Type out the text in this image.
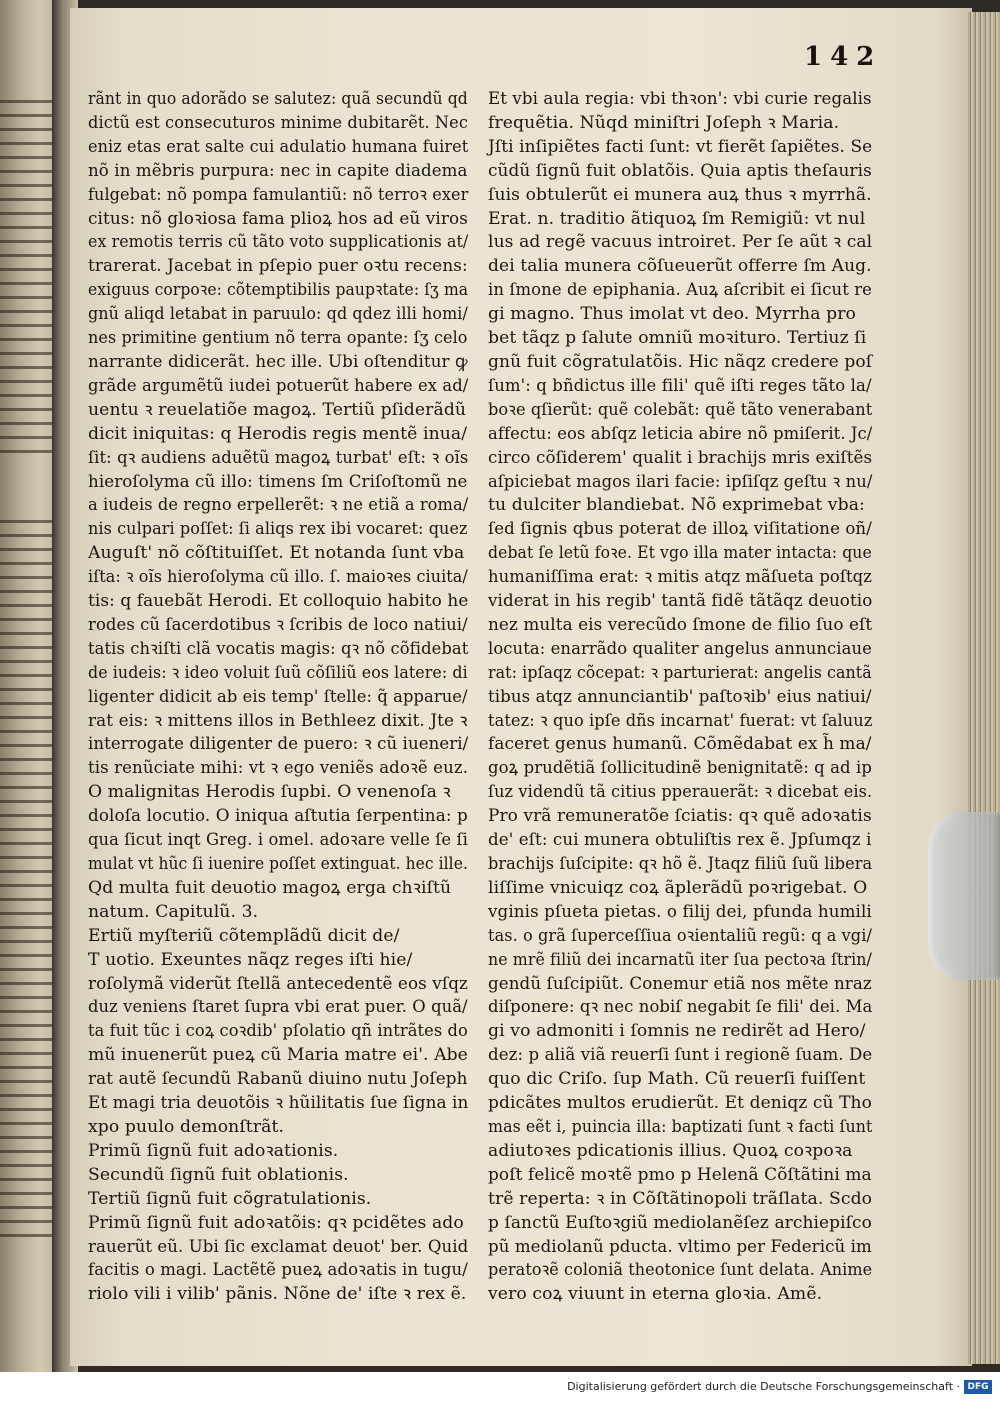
142

rãnt in quo adorãdo se salutez: quã secundũ qd

dictũ est consecuturos minime dubitarẽt. Nec

eniz etas erat salte cui adulatio humana fuiret

nõ in mẽbris purpura: nec in capite diadema

fulgebat: nõ pompa famulantiũ: nõ terroꝛ exer

citus: nõ gloꝛiosa fama plioꝝ hos ad eũ viros

ex remotis terris cũ tãto voto supplicationis at/

trarerat. Jacebat in pſepio puer oꝛtu recens:

exiguus corpoꝛe: cõtemptibilis paupꝛtate: ſʒ ma

gnũ aliqd letabat in paruulo: qd qdez illi homi/

nes primitine gentium nõ terra opante: ſʒ celo

narrante didicerãt. hec ille. Ubi oſtenditur ꝙ

grãde argumẽtũ iudei potuerũt habere ex ad/

uentu ꝛ reuelatiõe magoꝝ. Tertiũ pſiderãdũ

dicit iniquitas: q Herodis regis mentẽ inua/

ſit: qꝛ audiens aduẽtũ magoꝝ turbat' eſt: ꝛ oĩs

hieroſolyma cũ illo: timens ſm Criſoſtomũ ne

a iudeis de regno erpellerẽt: ꝛ ne etiã a roma/

nis culpari poſſet: ſi aliqs rex ibi vocaret: quez

Auguſt' nõ cõſtituiſſet. Et notanda ſunt vba

iſta: ꝛ oĩs hieroſolyma cũ illo. ſ. maioꝛes ciuita/

tis: q fauebãt Herodi. Et colloquio habito he

rodes cũ ſacerdotibus ꝛ ſcribis de loco natiui/

tatis chꝛiſti clã vocatis magis: qꝛ nõ cõfidebat

de iudeis: ꝛ ideo voluit ſuũ cõſiliũ eos latere: di

ligenter didicit ab eis temp' ſtelle: q̃ apparue/

rat eis: ꝛ mittens illos in Bethleez dixit. Jte ꝛ

interrogate diligenter de puero: ꝛ cũ iueneri/

tis renũciate mihi: vt ꝛ ego veniẽs adoꝛẽ euz.

O malignitas Herodis ſupbi. O venenoſa ꝛ

doloſa locutio. O iniqua aſtutia ſerpentina: p

qua ſicut inqt Greg. i omel. adoꝛare velle ſe ſi

mulat vt hũc ſi iuenire poſſet extinguat. hec ille.

Qd multa fuit deuotio magoꝝ erga chꝛiſtũ

natum. Capitulũ. 3.

Ertiũ myſteriũ cõtemplãdũ dicit de/

T uotio. Exeuntes nãqz reges iſti hie/

roſolymã viderũt ſtellã antecedentẽ eos vſqz

duz veniens ſtaret ſupra vbi erat puer. O quã/

ta fuit tũc i coꝝ coꝛdib' pſolatio qñ intrãtes do

mũ inuenerũt pueꝝ cũ Maria matre ei'. Abe

rat autẽ ſecundũ Rabanũ diuino nutu Joſeph

Et magi tria deuotõis ꝛ hũilitatis ſue ſigna in

xpo puulo demonſtrãt.

Primũ ſignũ fuit adoꝛationis.

Secundũ ſignũ fuit oblationis.

Tertiũ ſignũ fuit cõgratulationis.

Primũ ſignũ fuit adoꝛatõis: qꝛ pcidẽtes ado

rauerũt eũ. Ubi ſic exclamat deuot' ber. Quid

facitis o magi. Lactẽtẽ pueꝝ adoꝛatis in tugu/

riolo vili i vilib' pãnis. Nõne de' iſte ꝛ rex ẽ.

Et vbi aula regia: vbi thꝛon': vbi curie regalis

frequẽtia. Nũqd miniſtri Joſeph ꝛ Maria.

Jſti inſipiẽtes facti ſunt: vt fierẽt ſapiẽtes. Se

cũdũ ſignũ fuit oblatõis. Quia aptis theſauris

ſuis obtulerũt ei munera auꝝ thus ꝛ myrrhã.

Erat. n. traditio ãtiquoꝝ ſm Remigiũ: vt nul

lus ad regẽ vacuus introiret. Per ſe aũt ꝛ cal

dei talia munera cõſueuerũt offerre ſm Aug.

in ſmone de epiphania. Auꝝ aſcribit ei ſicut re

gi magno. Thus imolat vt deo. Myrrha pro

bet tãqz p ſalute omniũ moꝛituro. Tertiuz ſi

gnũ fuit cõgratulatõis. Hic nãqz credere poſ

ſum': q bñdictus ille fili' quẽ iſti reges tãto la/

boꝛe qſierũt: quẽ colebãt: quẽ tãto venerabant

affectu: eos abſqz leticia abire nõ pmiſerit. Jc/

circo cõſiderem' qualit i brachijs mris exiſtẽs

aſpiciebat magos ilari facie: ipſiſqz geſtu ꝛ nu/

tu dulciter blandiebat. Nõ exprimebat vba:

ſed ſignis qbus poterat de illoꝝ viſitatione oñ/

debat ſe letũ foꝛe. Et vgo illa mater intacta: que

humaniſſima erat: ꝛ mitis atqz mãſueta poſtqz

viderat in his regib' tantã fidẽ tãtãqz deuotio

nez multa eis verecũdo ſmone de filio ſuo eſt

locuta: enarrãdo qualiter angelus annunciaue

rat: ipſaqz cõcepat: ꝛ parturierat: angelis cantã

tibus atqz annunciantib' paſtoꝛib' eius natiui/

tatez: ꝛ quo ipſe dñs incarnat' fuerat: vt ſaluuz

faceret genus humanũ. Cõmẽdabat ex h̃ ma/

goꝝ prudẽtiã ſollicitudinẽ benignitatẽ: q ad ip

ſuz videndũ tã citius pperauerãt: ꝛ dicebat eis.

Pro vrã remuneratõe ſciatis: qꝛ quẽ adoꝛatis

de' eſt: cui munera obtuliſtis rex ẽ. Jpſumqz i

brachijs ſuſcipite: qꝛ hõ ẽ. Jtaqz filiũ ſuũ libera

liſſime vnicuiqz coꝝ ãplerãdũ poꝛrigebat. O

vginis pſueta pietas. o filij dei, pfunda humili

tas. o grã ſuperceſſiua oꝛientaliũ regũ: q a vgi/

ne mrẽ filiũ dei incarnatũ iter ſua pectoꝛa ſtrin/

gendũ ſuſcipiũt. Conemur etiã nos mẽte nraz

diſponere: qꝛ nec nobiſ negabit ſe fili' dei. Ma

gi vo admoniti i ſomnis ne redirẽt ad Hero/

dez: p aliã viã reuerſi ſunt i regionẽ ſuam. De

quo dic Criſo. ſup Math. Cũ reuerſi fuiſſent

pdicãtes multos erudierũt. Et deniqz cũ Tho

mas eẽt i, puincia illa: baptizati ſunt ꝛ facti ſunt

adiutoꝛes pdicationis illius. Quoꝝ coꝛpoꝛa

poſt felicẽ moꝛtẽ pmo p Helenã Cõſtãtini ma

trẽ reperta: ꝛ in Cõſtãtinopoli trãſlata. Scdo

p ſanctũ Euſtoꝛgiũ mediolanẽſez archiepiſco

pũ mediolanũ pducta. vltimo per Federicũ im

peratoꝛẽ coloniã theotonice ſunt delata. Anime

vero coꝝ viuunt in eterna gloꝛia. Amẽ.

Digitalisierung gefördert durch die Deutsche Forschungsgemeinschaft · DFG
